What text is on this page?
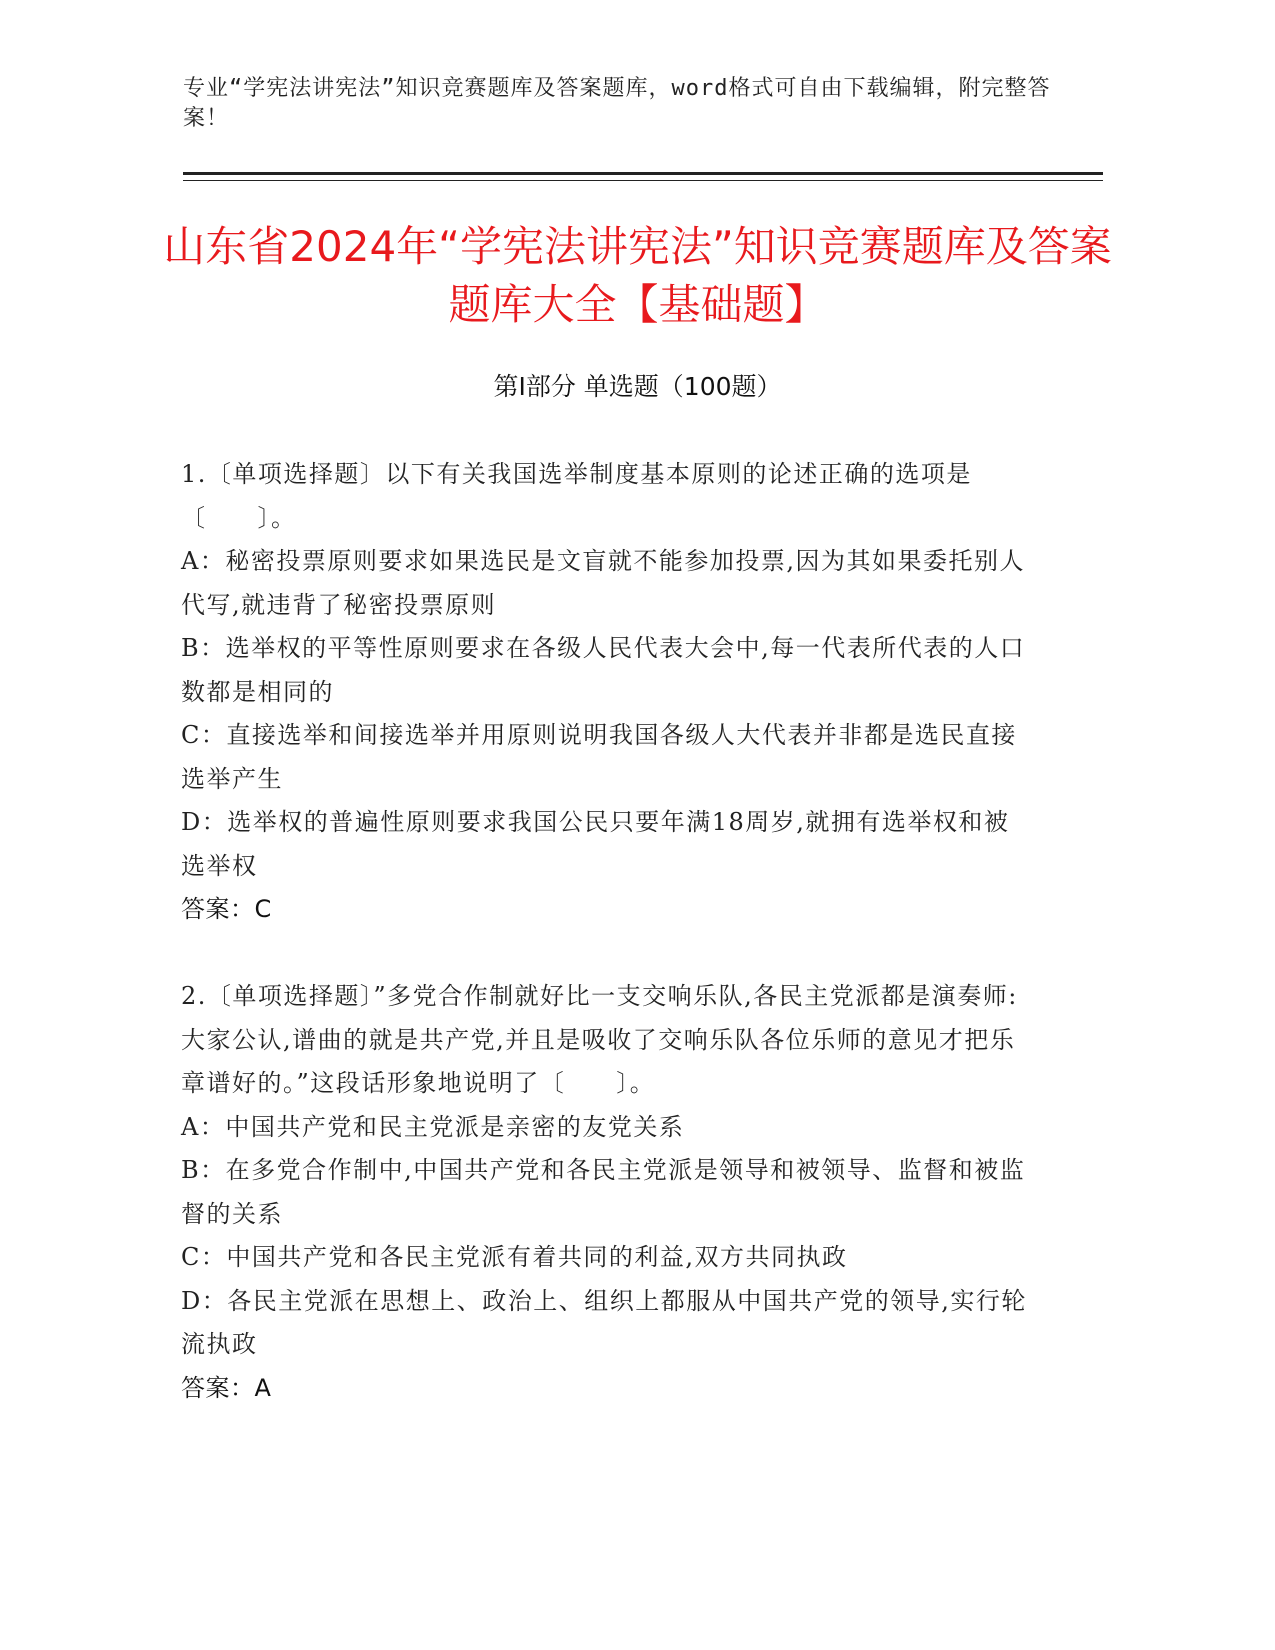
专业“学宪法讲宪法”知识竞赛题库及答案题库，word格式可自由下载编辑，附完整答案！
山东省2024年“学宪法讲宪法”知识竞赛题库及答案题库大全【基础题】
第Ⅰ部分 单选题（100题）
1.〔单项选择题〕以下有关我国选举制度基本原则的论述正确的选项是〔　　〕。
A：秘密投票原则要求如果选民是文盲就不能参加投票,因为其如果委托别人代写,就违背了秘密投票原则
B：选举权的平等性原则要求在各级人民代表大会中,每一代表所代表的人口数都是相同的
C：直接选举和间接选举并用原则说明我国各级人大代表并非都是选民直接选举产生
D：选举权的普遍性原则要求我国公民只要年满18周岁,就拥有选举权和被选举权
答案：C
2.〔单项选择题〕”多党合作制就好比一支交响乐队,各民主党派都是演奏师:大家公认,谱曲的就是共产党,并且是吸收了交响乐队各位乐师的意见才把乐章谱好的。”这段话形象地说明了〔　　〕。
A：中国共产党和民主党派是亲密的友党关系
B：在多党合作制中,中国共产党和各民主党派是领导和被领导、监督和被监督的关系
C：中国共产党和各民主党派有着共同的利益,双方共同执政
D：各民主党派在思想上、政治上、组织上都服从中国共产党的领导,实行轮流执政
答案：A
